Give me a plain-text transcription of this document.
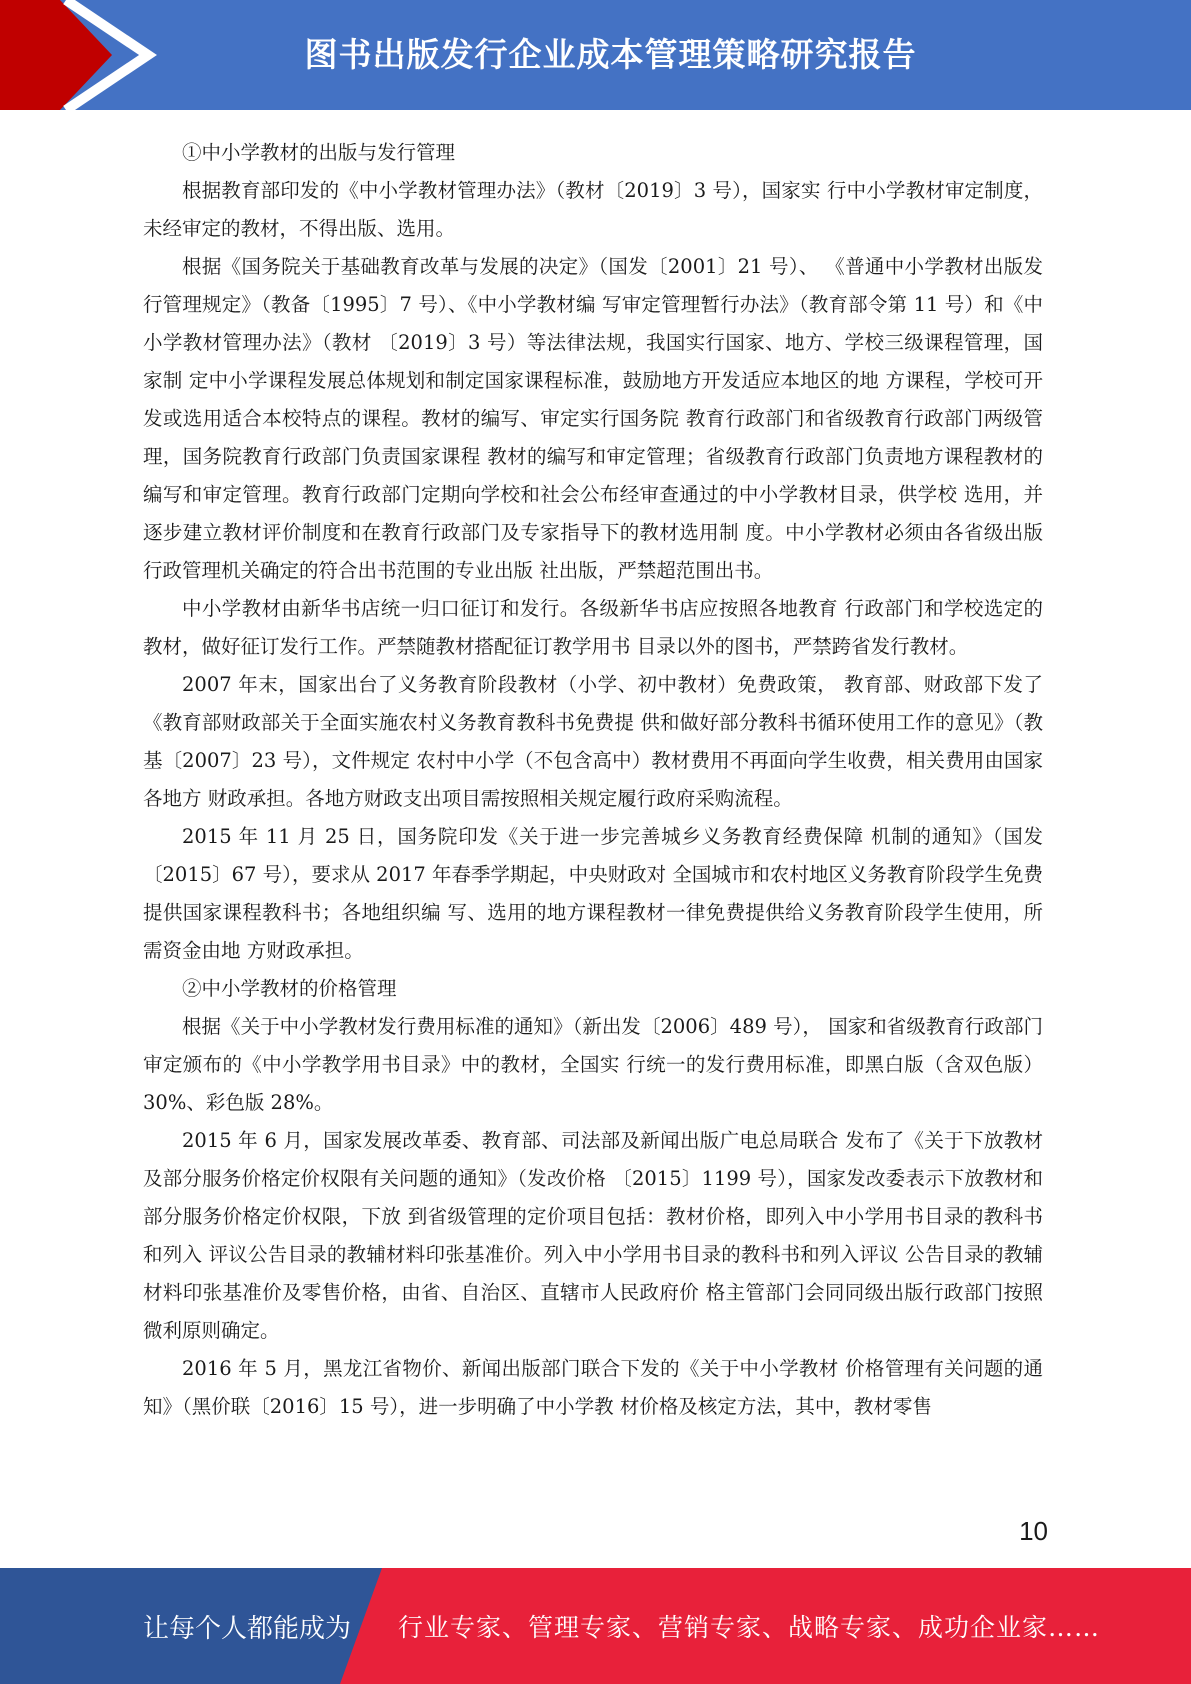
图书出版发行企业成本管理策略研究报告

①中小学教材的出版与发行管理

根据教育部印发的《中小学教材管理办法》（教材〔2019〕3 号），国家实 行中小学教材审定制度，未经审定的教材，不得出版、选用。

根据《国务院关于基础教育改革与发展的决定》（国发〔2001〕21 号）、 《普通中小学教材出版发行管理规定》（教备〔1995〕7 号）、《中小学教材编 写审定管理暂行办法》（教育部令第 11 号）和《中小学教材管理办法》（教材 〔2019〕3 号）等法律法规，我国实行国家、地方、学校三级课程管理，国家制 定中小学课程发展总体规划和制定国家课程标准，鼓励地方开发适应本地区的地 方课程，学校可开发或选用适合本校特点的课程。教材的编写、审定实行国务院 教育行政部门和省级教育行政部门两级管理，国务院教育行政部门负责国家课程 教材的编写和审定管理；省级教育行政部门负责地方课程教材的编写和审定管理。教育行政部门定期向学校和社会公布经审查通过的中小学教材目录，供学校 选用，并逐步建立教材评价制度和在教育行政部门及专家指导下的教材选用制 度。中小学教材必须由各省级出版行政管理机关确定的符合出书范围的专业出版 社出版，严禁超范围出书。

中小学教材由新华书店统一归口征订和发行。各级新华书店应按照各地教育 行政部门和学校选定的教材，做好征订发行工作。严禁随教材搭配征订教学用书 目录以外的图书，严禁跨省发行教材。

2007 年末，国家出台了义务教育阶段教材（小学、初中教材）免费政策， 教育部、财政部下发了《教育部财政部关于全面实施农村义务教育教科书免费提 供和做好部分教科书循环使用工作的意见》（教基〔2007〕23 号），文件规定 农村中小学（不包含高中）教材费用不再面向学生收费，相关费用由国家各地方 财政承担。各地方财政支出项目需按照相关规定履行政府采购流程。

2015 年 11 月 25 日，国务院印发《关于进一步完善城乡义务教育经费保障 机制的通知》（国发〔2015〕67 号），要求从 2017 年春季学期起，中央财政对 全国城市和农村地区义务教育阶段学生免费提供国家课程教科书；各地组织编 写、选用的地方课程教材一律免费提供给义务教育阶段学生使用，所需资金由地 方财政承担。

②中小学教材的价格管理

根据《关于中小学教材发行费用标准的通知》（新出发〔2006〕489 号）， 国家和省级教育行政部门审定颁布的《中小学教学用书目录》中的教材，全国实 行统一的发行费用标准，即黑白版（含双色版）30%、彩色版 28%。

2015 年 6 月，国家发展改革委、教育部、司法部及新闻出版广电总局联合 发布了《关于下放教材及部分服务价格定价权限有关问题的通知》（发改价格 〔2015〕1199 号），国家发改委表示下放教材和部分服务价格定价权限，下放 到省级管理的定价项目包括：教材价格，即列入中小学用书目录的教科书和列入 评议公告目录的教辅材料印张基准价。列入中小学用书目录的教科书和列入评议 公告目录的教辅材料印张基准价及零售价格，由省、自治区、直辖市人民政府价 格主管部门会同同级出版行政部门按照微利原则确定。

2016 年 5 月，黑龙江省物价、新闻出版部门联合下发的《关于中小学教材 价格管理有关问题的通知》（黑价联〔2016〕15 号），进一步明确了中小学教 材价格及核定方法，其中，教材零售

10
让每个人都能成为 行业专家、管理专家、营销专家、战略专家、成功企业家……
